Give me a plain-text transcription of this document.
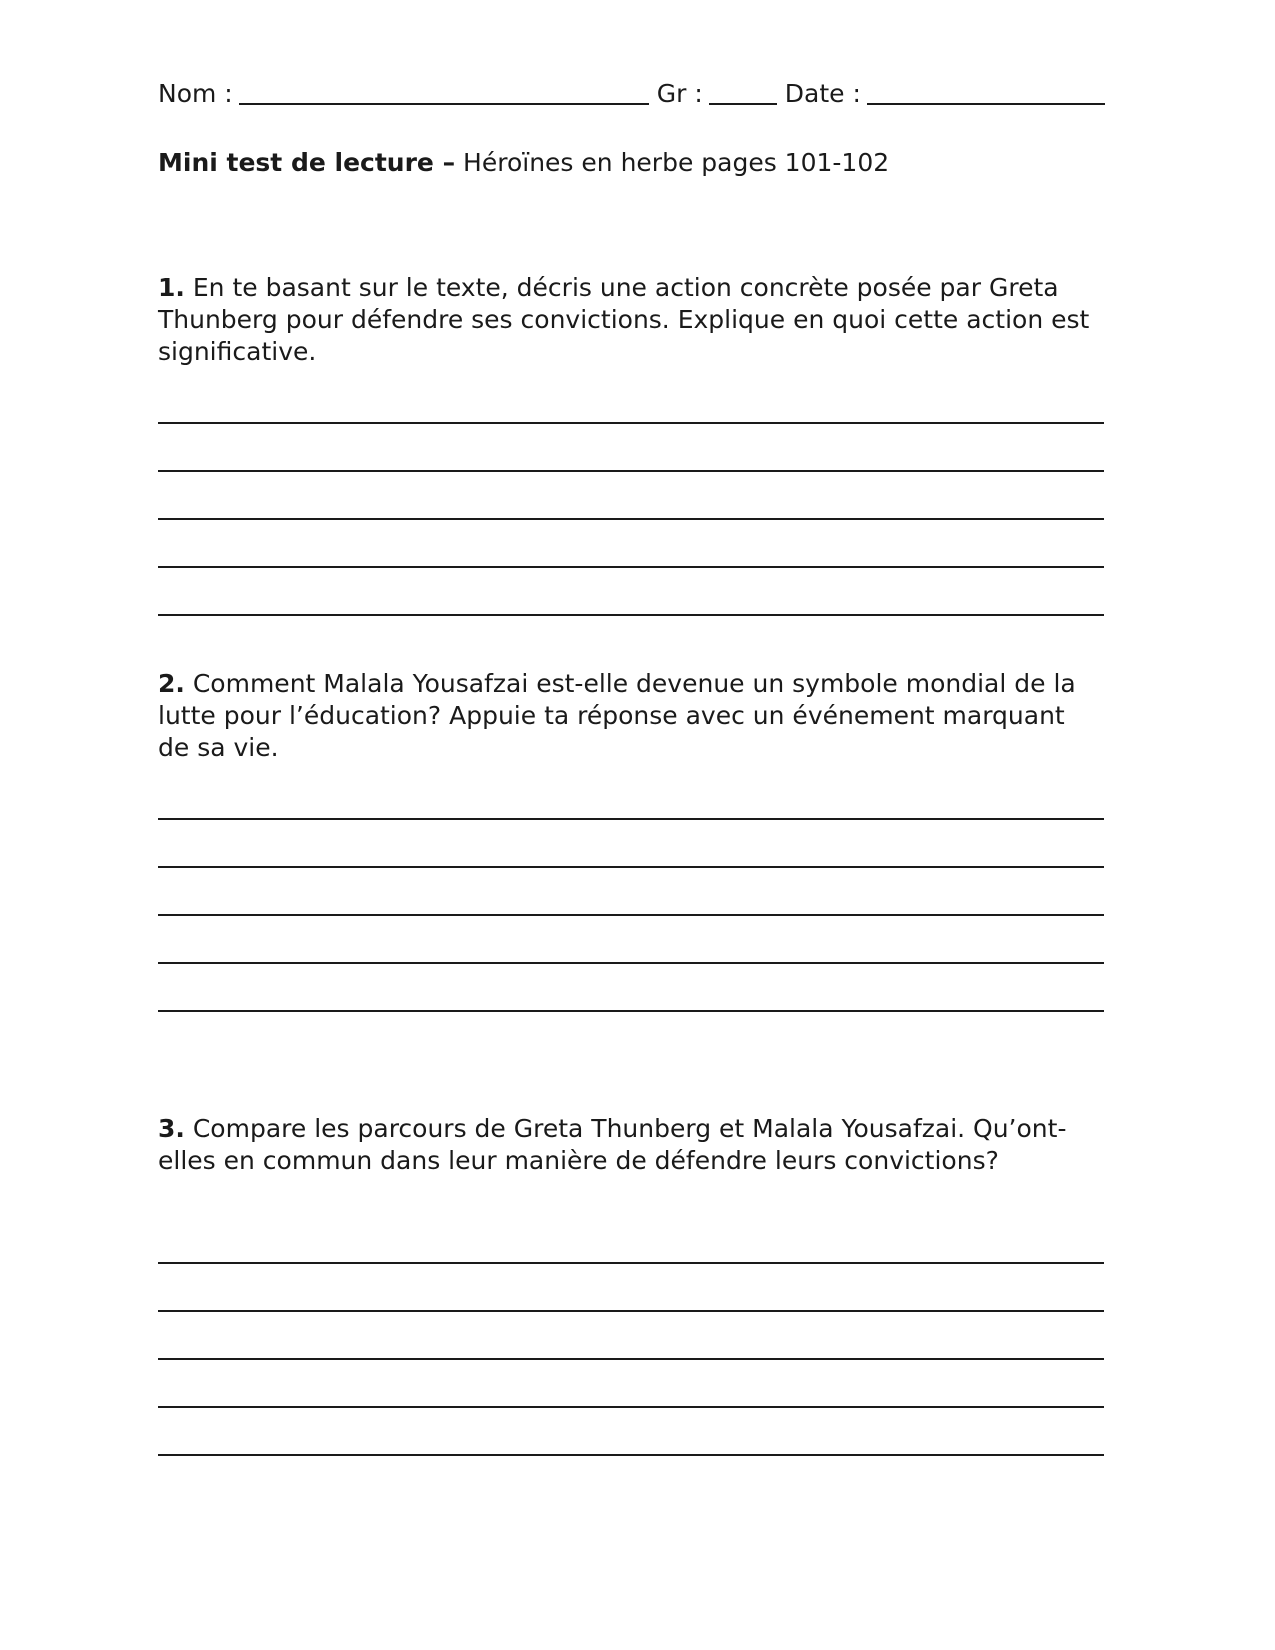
Nom :	Gr :	Date :
Mini test de lecture – Héroïnes en herbe pages 101-102
1. En te basant sur le texte, décris une action concrète posée par Greta Thunberg pour défendre ses convictions. Explique en quoi cette action est significative.
2. Comment Malala Yousafzai est-elle devenue un symbole mondial de la lutte pour l’éducation? Appuie ta réponse avec un événement marquant de sa vie.
3. Compare les parcours de Greta Thunberg et Malala Yousafzai. Qu’ont-elles en commun dans leur manière de défendre leurs convictions?
